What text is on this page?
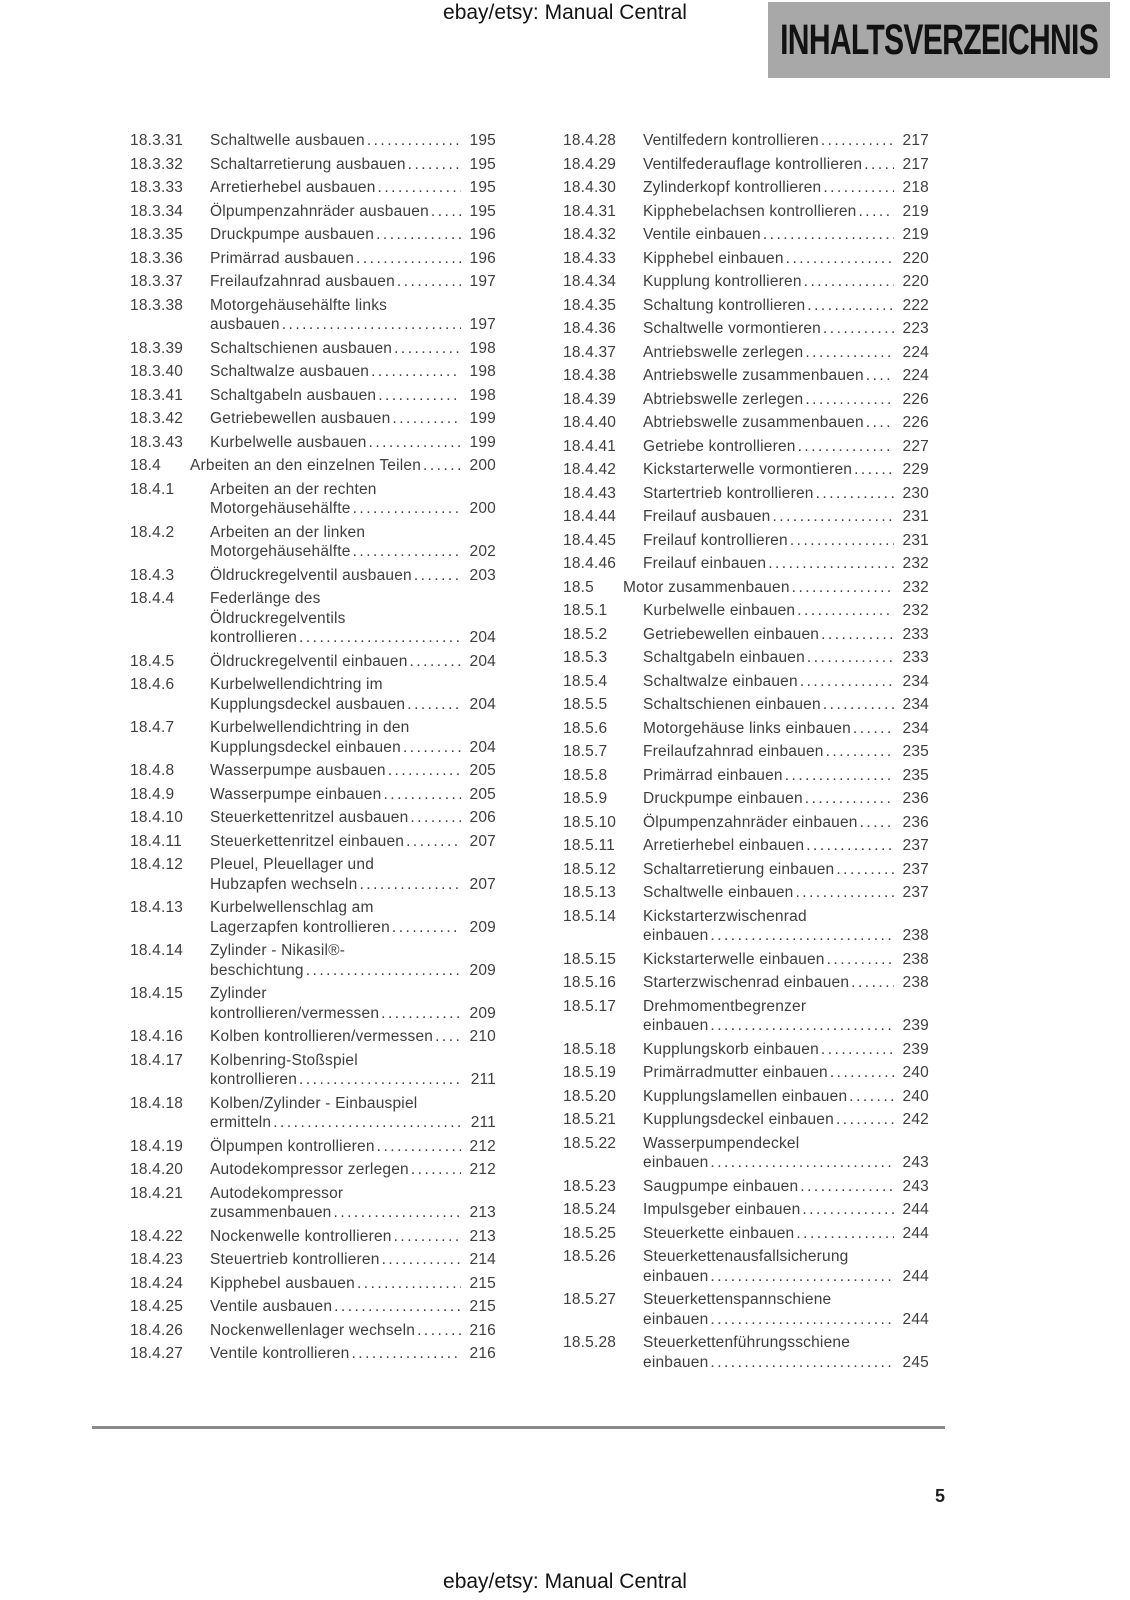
ebay/etsy: Manual Central
INHALTSVERZEICHNIS
18.3.31	Schaltwelle ausbauen .....	195
18.3.32	Schaltarretierung ausbauen .....	195
18.3.33	Arretierhebel ausbauen .....	195
18.3.34	Ölpumpenzahnräder ausbauen .....	195
18.3.35	Druckpumpe ausbauen .....	196
18.3.36	Primärrad ausbauen .....	196
18.3.37	Freilaufzahnrad ausbauen .....	197
18.3.38	Motorgehäusehälfte links
ausbauen .....	197
18.3.39	Schaltschienen ausbauen .....	198
18.3.40	Schaltwalze ausbauen .....	198
18.3.41	Schaltgabeln ausbauen .....	198
18.3.42	Getriebewellen ausbauen .....	199
18.3.43	Kurbelwelle ausbauen .....	199
18.4	Arbeiten an den einzelnen Teilen .....	200
18.4.1	Arbeiten an der rechten
Motorgehäusehälfte .....	200
18.4.2	Arbeiten an der linken
Motorgehäusehälfte .....	202
18.4.3	Öldruckregelventil ausbauen .....	203
18.4.4	Federlänge des
Öldruckregelventils
kontrollieren .....	204
18.4.5	Öldruckregelventil einbauen .....	204
18.4.6	Kurbelwellendichtring im
Kupplungsdeckel ausbauen .....	204
18.4.7	Kurbelwellendichtring in den
Kupplungsdeckel einbauen .....	204
18.4.8	Wasserpumpe ausbauen .....	205
18.4.9	Wasserpumpe einbauen .....	205
18.4.10	Steuerkettenritzel ausbauen .....	206
18.4.11	Steuerkettenritzel einbauen .....	207
18.4.12	Pleuel, Pleuellager und
Hubzapfen wechseln .....	207
18.4.13	Kurbelwellenschlag am
Lagerzapfen kontrollieren .....	209
18.4.14	Zylinder - Nikasil®-
beschichtung .....	209
18.4.15	Zylinder
kontrollieren/vermessen .....	209
18.4.16	Kolben kontrollieren/vermessen .....	210
18.4.17	Kolbenring-Stoßspiel
kontrollieren .....	211
18.4.18	Kolben/Zylinder - Einbauspiel
ermitteln .....	211
18.4.19	Ölpumpen kontrollieren .....	212
18.4.20	Autodekompressor zerlegen .....	212
18.4.21	Autodekompressor
zusammenbauen .....	213
18.4.22	Nockenwelle kontrollieren .....	213
18.4.23	Steuertrieb kontrollieren .....	214
18.4.24	Kipphebel ausbauen .....	215
18.4.25	Ventile ausbauen .....	215
18.4.26	Nockenwellenlager wechseln .....	216
18.4.27	Ventile kontrollieren .....	216
18.4.28	Ventilfedern kontrollieren .....	217
18.4.29	Ventilfederauflage kontrollieren .....	217
18.4.30	Zylinderkopf kontrollieren .....	218
18.4.31	Kipphebelachsen kontrollieren .....	219
18.4.32	Ventile einbauen .....	219
18.4.33	Kipphebel einbauen .....	220
18.4.34	Kupplung kontrollieren .....	220
18.4.35	Schaltung kontrollieren .....	222
18.4.36	Schaltwelle vormontieren .....	223
18.4.37	Antriebswelle zerlegen .....	224
18.4.38	Antriebswelle zusammenbauen .....	224
18.4.39	Abtriebswelle zerlegen .....	226
18.4.40	Abtriebswelle zusammenbauen .....	226
18.4.41	Getriebe kontrollieren .....	227
18.4.42	Kickstarterwelle vormontieren .....	229
18.4.43	Startertrieb kontrollieren .....	230
18.4.44	Freilauf ausbauen .....	231
18.4.45	Freilauf kontrollieren .....	231
18.4.46	Freilauf einbauen .....	232
18.5	Motor zusammenbauen .....	232
18.5.1	Kurbelwelle einbauen .....	232
18.5.2	Getriebewellen einbauen .....	233
18.5.3	Schaltgabeln einbauen .....	233
18.5.4	Schaltwalze einbauen .....	234
18.5.5	Schaltschienen einbauen .....	234
18.5.6	Motorgehäuse links einbauen .....	234
18.5.7	Freilaufzahnrad einbauen .....	235
18.5.8	Primärrad einbauen .....	235
18.5.9	Druckpumpe einbauen .....	236
18.5.10	Ölpumpenzahnräder einbauen .....	236
18.5.11	Arretierhebel einbauen .....	237
18.5.12	Schaltarretierung einbauen .....	237
18.5.13	Schaltwelle einbauen .....	237
18.5.14	Kickstarterzwischenrad
einbauen .....	238
18.5.15	Kickstarterwelle einbauen .....	238
18.5.16	Starterzwischenrad einbauen .....	238
18.5.17	Drehmomentbegrenzer
einbauen .....	239
18.5.18	Kupplungskorb einbauen .....	239
18.5.19	Primärradmutter einbauen .....	240
18.5.20	Kupplungslamellen einbauen .....	240
18.5.21	Kupplungsdeckel einbauen .....	242
18.5.22	Wasserpumpendeckel
einbauen .....	243
18.5.23	Saugpumpe einbauen .....	243
18.5.24	Impulsgeber einbauen .....	244
18.5.25	Steuerkette einbauen .....	244
18.5.26	Steuerkettenausfallsicherung
einbauen .....	244
18.5.27	Steuerkettenspannschiene
einbauen .....	244
18.5.28	Steuerkettenführungsschiene
einbauen .....	245
5
ebay/etsy: Manual Central
